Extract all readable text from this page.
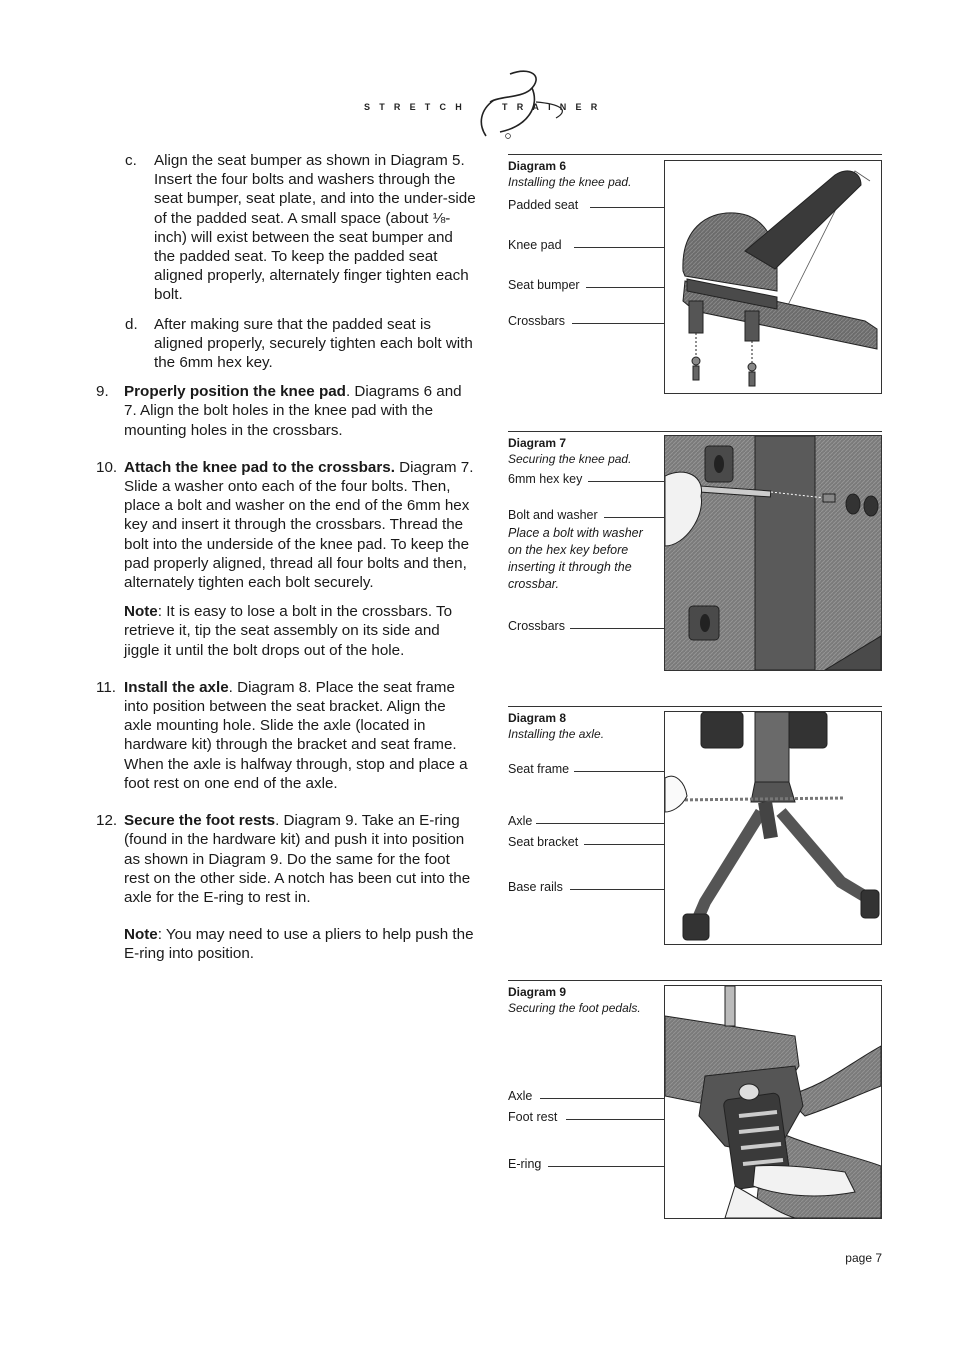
STRETCH	TRAINER
c.	Align the seat bumper as shown in Diagram 5. Insert the four bolts and washers through the seat bumper, seat plate, and into the under-side of the padded seat. A small space (about ⅛-inch) will exist between the seat bumper and the padded seat. To keep the padded seat aligned properly, alternately finger tighten each bolt.
d.	After making sure that the padded seat is aligned properly, securely tighten each bolt with the 6mm hex key.
9.	Properly position the knee pad. Diagrams 6 and 7. Align the bolt holes in the knee pad with the mounting holes in the crossbars.
10. Attach the knee pad to the crossbars. Diagram 7. Slide a washer onto each of the four bolts. Then, place a bolt and washer on the end of the 6mm hex key and insert it through the crossbars. Thread the bolt into the underside of the knee pad. To keep the pad properly aligned, thread all four bolts and then, alternately tighten each bolt securely.
Note: It is easy to lose a bolt in the crossbars. To retrieve it, tip the seat assembly on its side and jiggle it until the bolt drops out of the hole.
11. Install the axle. Diagram 8. Place the seat frame into position between the seat bracket. Align the axle mounting hole. Slide the axle (located in hardware kit) through the bracket and seat frame. When the axle is halfway through, stop and place a foot rest on one end of the axle.
12. Secure the foot rests. Diagram 9. Take an E-ring (found in the hardware kit) and push it into position as shown in Diagram 9. Do the same for the foot rest on the other side. A notch has been cut into the axle for the E-ring to rest in.
Note: You may need to use a pliers to help push the E-ring into position.
Diagram 6
Installing the knee pad.
Padded seat
Knee pad
Seat bumper
Crossbars
Diagram 7
Securing the knee pad.
6mm hex key
Bolt and washer
Place a bolt with washer on the hex key before inserting it through the crossbar.
Crossbars
Diagram 8
Installing the axle.
Seat frame
Axle
Seat bracket
Base rails
Diagram 9
Securing the foot pedals.
Axle
Foot rest
E-ring
page 7
